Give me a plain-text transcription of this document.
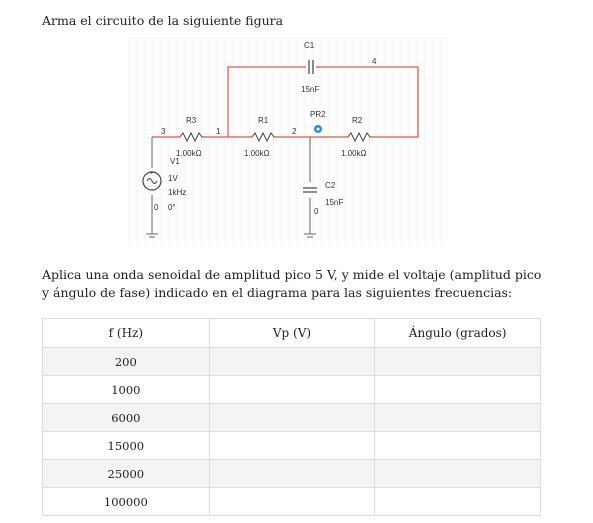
Arma el circuito de la siguiente figura
+
C1
15nF
4
PR2
R3	R1	R2
3	1	2
1.00kΩ	1.00kΩ	1.00kΩ
V1
1V
1kHz
0 0°
C2
15nF
0
Aplica una onda senoidal de amplitud pico 5 V, y mide el voltaje (amplitud pico y ángulo de fase) indicado en el diagrama para las siguientes frecuencias:
f (Hz)	Vp (V)	Ángulo (grados)
200		
1000		
6000		
15000		
25000		
100000		
